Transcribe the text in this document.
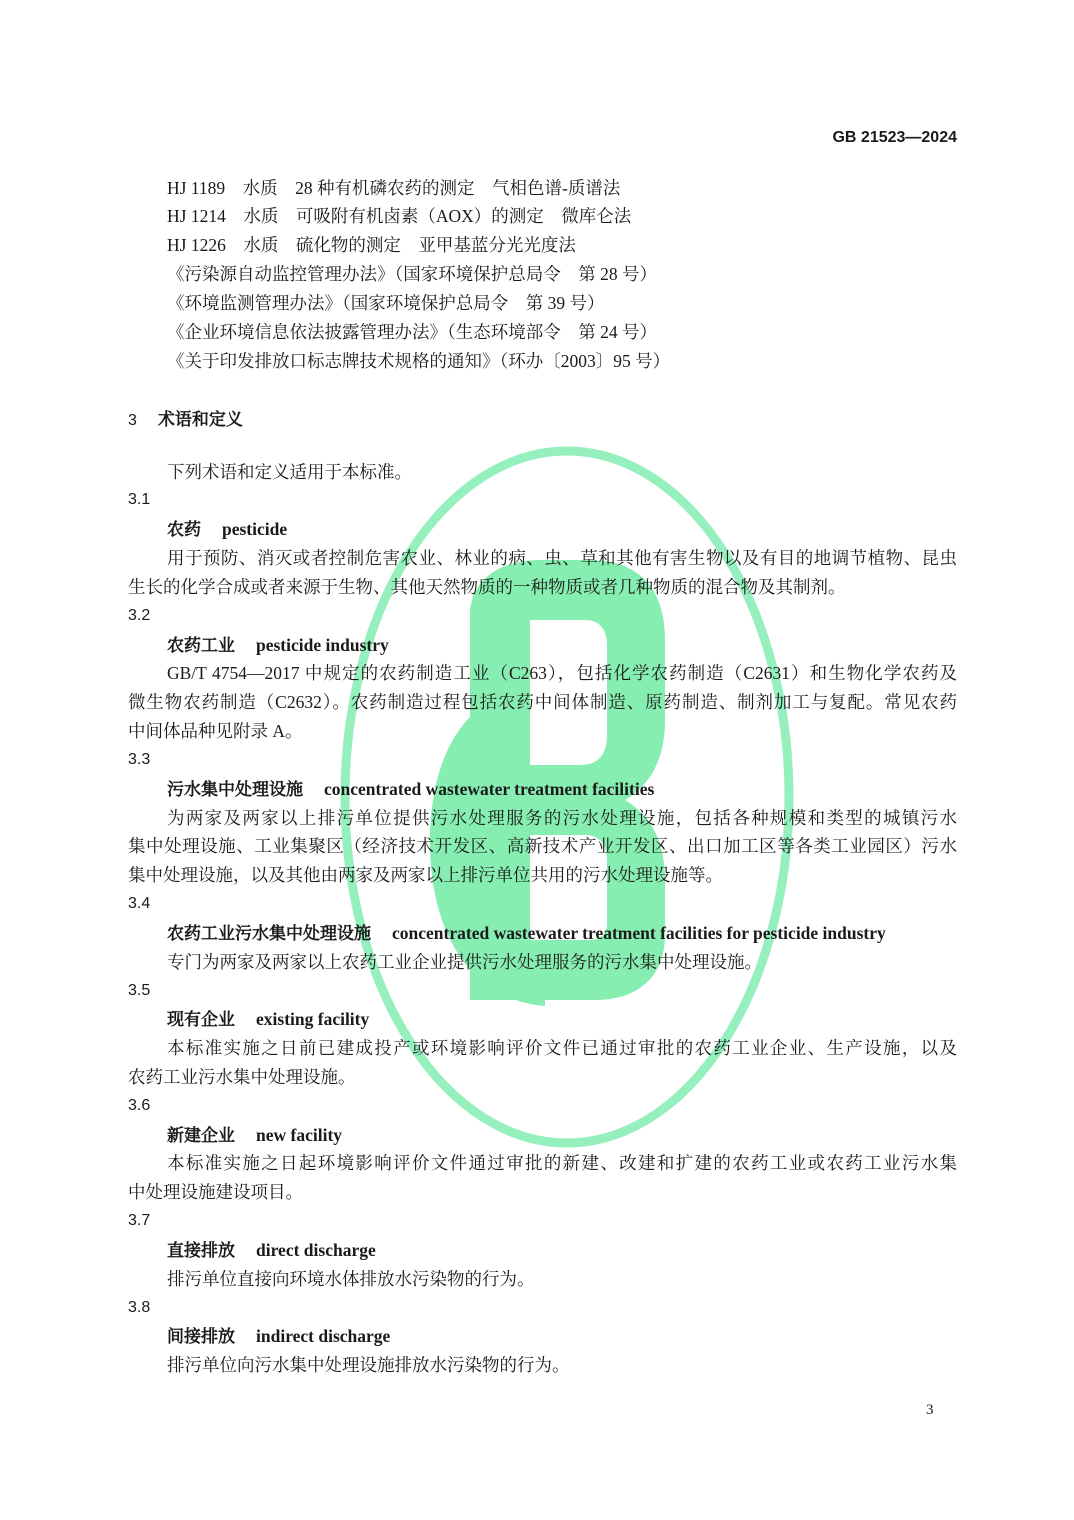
GB 21523—2024
HJ 1189　水质　28 种有机磷农药的测定　气相色谱-质谱法
HJ 1214　水质　可吸附有机卤素（AOX）的测定　微库仑法
HJ 1226　水质　硫化物的测定　亚甲基蓝分光光度法
《污染源自动监控管理办法》（国家环境保护总局令　第 28 号）
《环境监测管理办法》（国家环境保护总局令　第 39 号）
《企业环境信息依法披露管理办法》（生态环境部令　第 24 号）
《关于印发排放口标志牌技术规格的通知》（环办〔2003〕95 号）
3 术语和定义
下列术语和定义适用于本标准。
3.1
农药 pesticide
用于预防、消灭或者控制危害农业、林业的病、虫、草和其他有害生物以及有目的地调节植物、昆虫
生长的化学合成或者来源于生物、其他天然物质的一种物质或者几种物质的混合物及其制剂。
3.2
农药工业 pesticide industry
GB/T 4754—2017 中规定的农药制造工业（C263），包括化学农药制造（C2631）和生物化学农药及
微生物农药制造（C2632）。农药制造过程包括农药中间体制造、原药制造、制剂加工与复配。常见农药
中间体品种见附录 A。
3.3
污水集中处理设施 concentrated wastewater treatment facilities
为两家及两家以上排污单位提供污水处理服务的污水处理设施，包括各种规模和类型的城镇污水
集中处理设施、工业集聚区（经济技术开发区、高新技术产业开发区、出口加工区等各类工业园区）污水
集中处理设施，以及其他由两家及两家以上排污单位共用的污水处理设施等。
3.4
农药工业污水集中处理设施 concentrated wastewater treatment facilities for pesticide industry
专门为两家及两家以上农药工业企业提供污水处理服务的污水集中处理设施。
3.5
现有企业 existing facility
本标准实施之日前已建成投产或环境影响评价文件已通过审批的农药工业企业、生产设施，以及
农药工业污水集中处理设施。
3.6
新建企业 new facility
本标准实施之日起环境影响评价文件通过审批的新建、改建和扩建的农药工业或农药工业污水集
中处理设施建设项目。
3.7
直接排放 direct discharge
排污单位直接向环境水体排放水污染物的行为。
3.8
间接排放 indirect discharge
排污单位向污水集中处理设施排放水污染物的行为。
3
